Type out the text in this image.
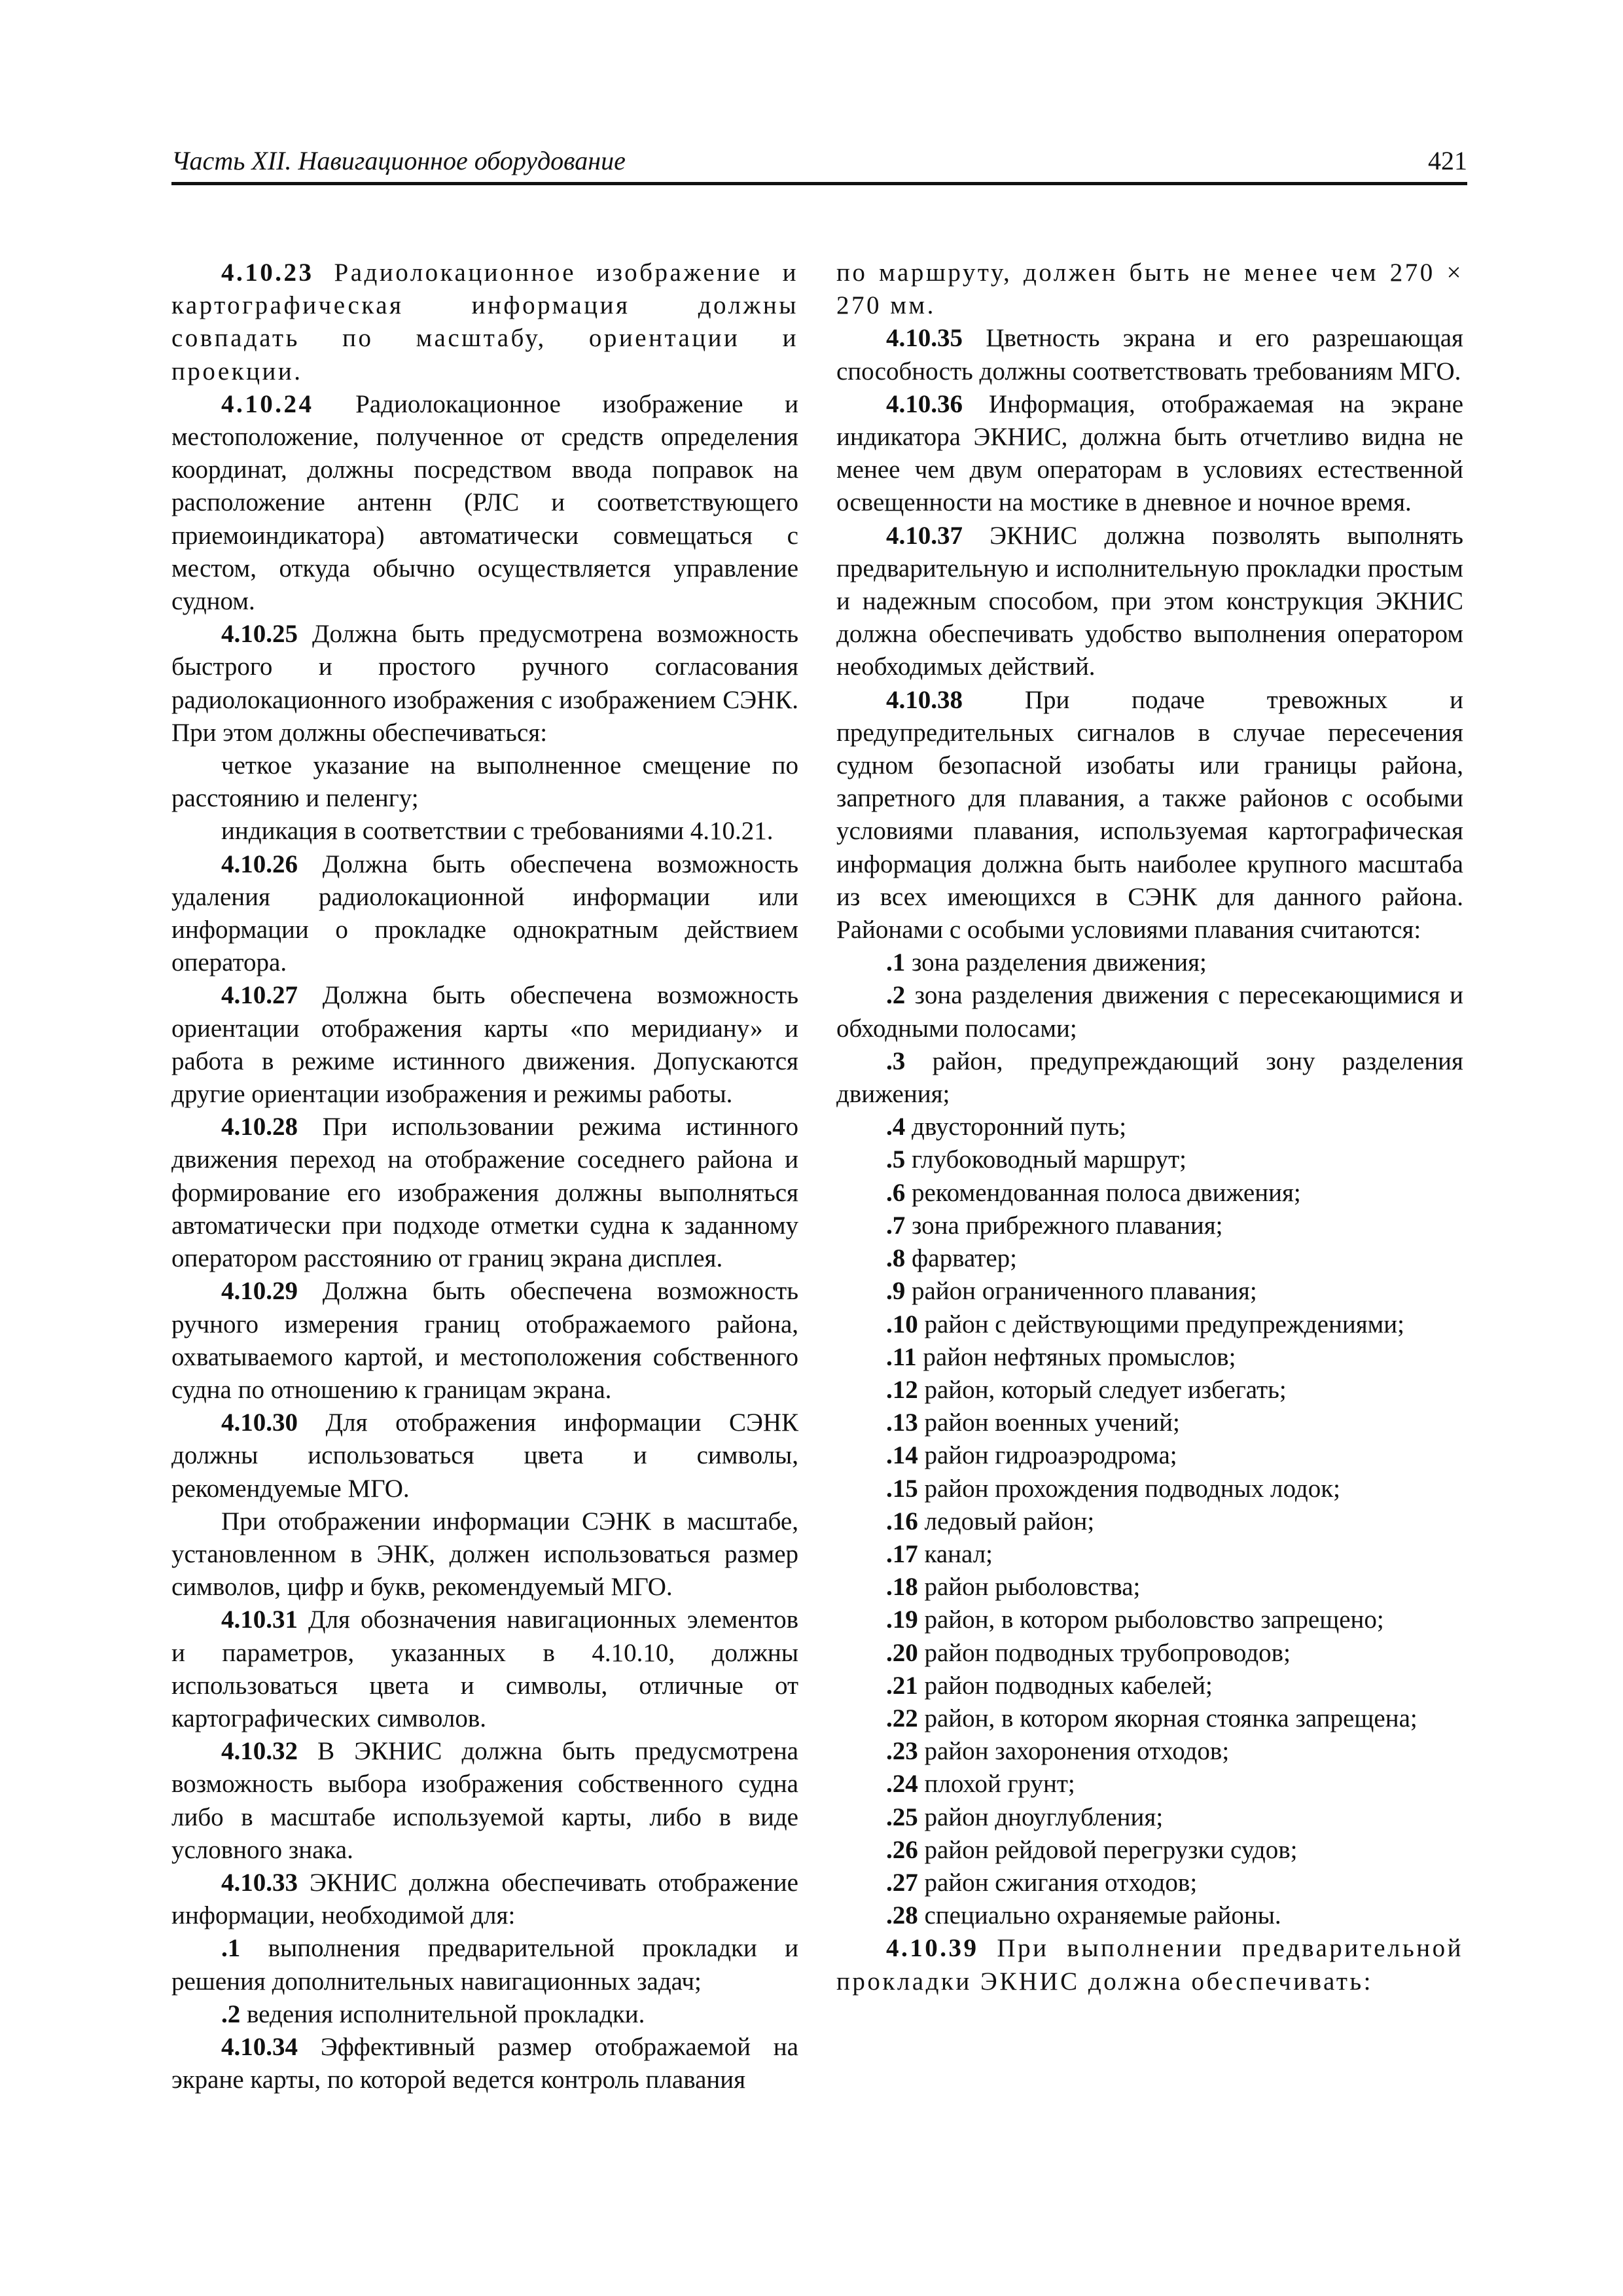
Часть XII. Навигационное оборудование	421

4.10.23 Радиолокационное изображение и картографическая информация должны совпадать по масштабу, ориентации и проекции.

4.10.24 Радиолокационное изображение и местоположение, полученное от средств определения координат, должны посредством ввода поправок на расположение антенн (РЛС и соответствующего приемоиндикатора) автоматически совмещаться с местом, откуда обычно осуществляется управление судном.

4.10.25 Должна быть предусмотрена возможность быстрого и простого ручного согласования радиолокационного изображения с изображением СЭНК. При этом должны обеспечиваться:

четкое указание на выполненное смещение по расстоянию и пеленгу;

индикация в соответствии с требованиями 4.10.21.

4.10.26 Должна быть обеспечена возможность удаления радиолокационной информации или информации о прокладке однократным действием оператора.

4.10.27 Должна быть обеспечена возможность ориентации отображения карты «по меридиану» и работа в режиме истинного движения. Допускаются другие ориентации изображения и режимы работы.

4.10.28 При использовании режима истинного движения переход на отображение соседнего района и формирование его изображения должны выполняться автоматически при подходе отметки судна к заданному оператором расстоянию от границ экрана дисплея.

4.10.29 Должна быть обеспечена возможность ручного измерения границ отображаемого района, охватываемого картой, и местоположения собственного судна по отношению к границам экрана.

4.10.30 Для отображения информации СЭНК должны использоваться цвета и символы, рекомендуемые МГО.

При отображении информации СЭНК в масштабе, установленном в ЭНК, должен использоваться размер символов, цифр и букв, рекомендуемый МГО.

4.10.31 Для обозначения навигационных элементов и параметров, указанных в 4.10.10, должны использоваться цвета и символы, отличные от картографических символов.

4.10.32 В ЭКНИС должна быть предусмотрена возможность выбора изображения собственного судна либо в масштабе используемой карты, либо в виде условного знака.

4.10.33 ЭКНИС должна обеспечивать отображение информации, необходимой для:

.1 выполнения предварительной прокладки и решения дополнительных навигационных задач;

.2 ведения исполнительной прокладки.

4.10.34 Эффективный размер отображаемой на экране карты, по которой ведется контроль плавания

по маршруту, должен быть не менее чем 270 × 270 мм.

4.10.35 Цветность экрана и его разрешающая способность должны соответствовать требованиям МГО.

4.10.36 Информация, отображаемая на экране индикатора ЭКНИС, должна быть отчетливо видна не менее чем двум операторам в условиях естественной освещенности на мостике в дневное и ночное время.

4.10.37 ЭКНИС должна позволять выполнять предварительную и исполнительную прокладки простым и надежным способом, при этом конструкция ЭКНИС должна обеспечивать удобство выполнения оператором необходимых действий.

4.10.38 При подаче тревожных и предупредительных сигналов в случае пересечения судном безопасной изобаты или границы района, запретного для плавания, а также районов с особыми условиями плавания, используемая картографическая информация должна быть наиболее крупного масштаба из всех имеющихся в СЭНК для данного района. Районами с особыми условиями плавания считаются:

.1 зона разделения движения;

.2 зона разделения движения с пересекающимися и обходными полосами;

.3 район, предупреждающий зону разделения движения;

.4 двусторонний путь;

.5 глубоководный маршрут;

.6 рекомендованная полоса движения;

.7 зона прибрежного плавания;

.8 фарватер;

.9 район ограниченного плавания;

.10 район с действующими предупреждениями;

.11 район нефтяных промыслов;

.12 район, который следует избегать;

.13 район военных учений;

.14 район гидроаэродрома;

.15 район прохождения подводных лодок;

.16 ледовый район;

.17 канал;

.18 район рыболовства;

.19 район, в котором рыболовство запрещено;

.20 район подводных трубопроводов;

.21 район подводных кабелей;

.22 район, в котором якорная стоянка запрещена;

.23 район захоронения отходов;

.24 плохой грунт;

.25 район дноуглубления;

.26 район рейдовой перегрузки судов;

.27 район сжигания отходов;

.28 специально охраняемые районы.

4.10.39 При выполнении предварительной прокладки ЭКНИС должна обеспечивать:
